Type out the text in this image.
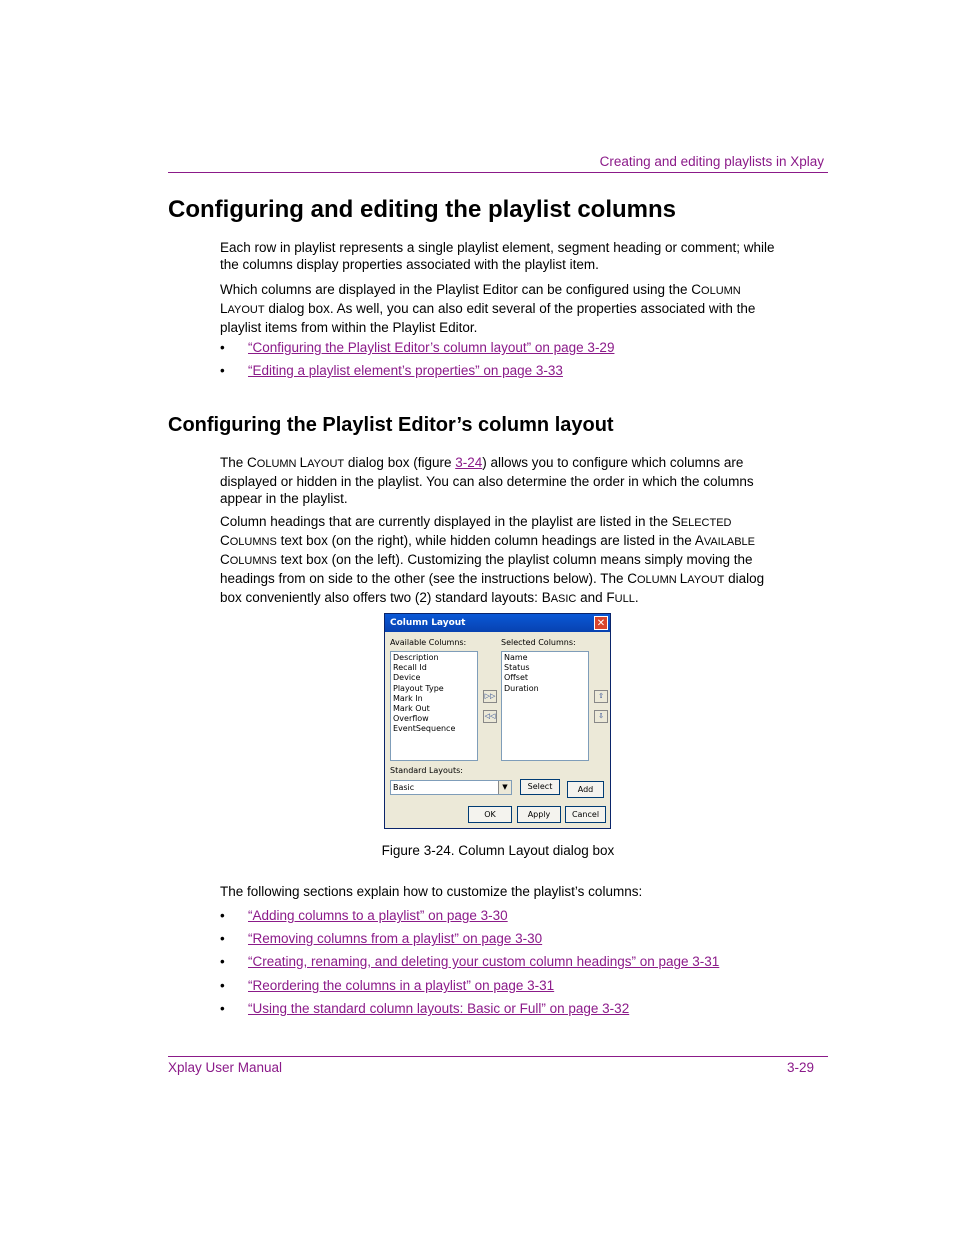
Creating and editing playlists in Xplay
Configuring and editing the playlist columns

Each row in playlist represents a single playlist element, segment heading or comment; while the columns display properties associated with the playlist item.

Which columns are displayed in the Playlist Editor can be configured using the COLUMN LAYOUT dialog box. As well, you can also edit several of the properties associated with the playlist items from within the Playlist Editor.

• “Configuring the Playlist Editor’s column layout” on page 3-29
• “Editing a playlist element’s properties” on page 3-33
Configuring the Playlist Editor’s column layout

The COLUMN LAYOUT dialog box (figure 3-24) allows you to configure which columns are displayed or hidden in the playlist. You can also determine the order in which the columns appear in the playlist.

Column headings that are currently displayed in the playlist are listed in the SELECTED COLUMNS text box (on the right), while hidden column headings are listed in the AVAILABLE COLUMNS text box (on the left). Customizing the playlist column means simply moving the headings from on side to the other (see the instructions below). The COLUMN LAYOUT dialog box conveniently also offers two (2) standard layouts: BASIC and FULL.

Column Layout	✕
Available Columns:	Selected Columns:
Description
Recall Id
Device
Playout Type
Mark In
Mark Out
Overflow
EventSequence
▷▷
◁◁
Name
Status
Offset
Duration
⇧
⇩
Standard Layouts:
Basic	▼	Select	Add
OK	Apply	Cancel
Figure 3-24. Column Layout dialog box

The following sections explain how to customize the playlist’s columns:

• “Adding columns to a playlist” on page 3-30
• “Removing columns from a playlist” on page 3-30
• “Creating, renaming, and deleting your custom column headings” on page 3-31
• “Reordering the columns in a playlist” on page 3-31
• “Using the standard column layouts: Basic or Full” on page 3-32
Xplay User Manual	3-29
